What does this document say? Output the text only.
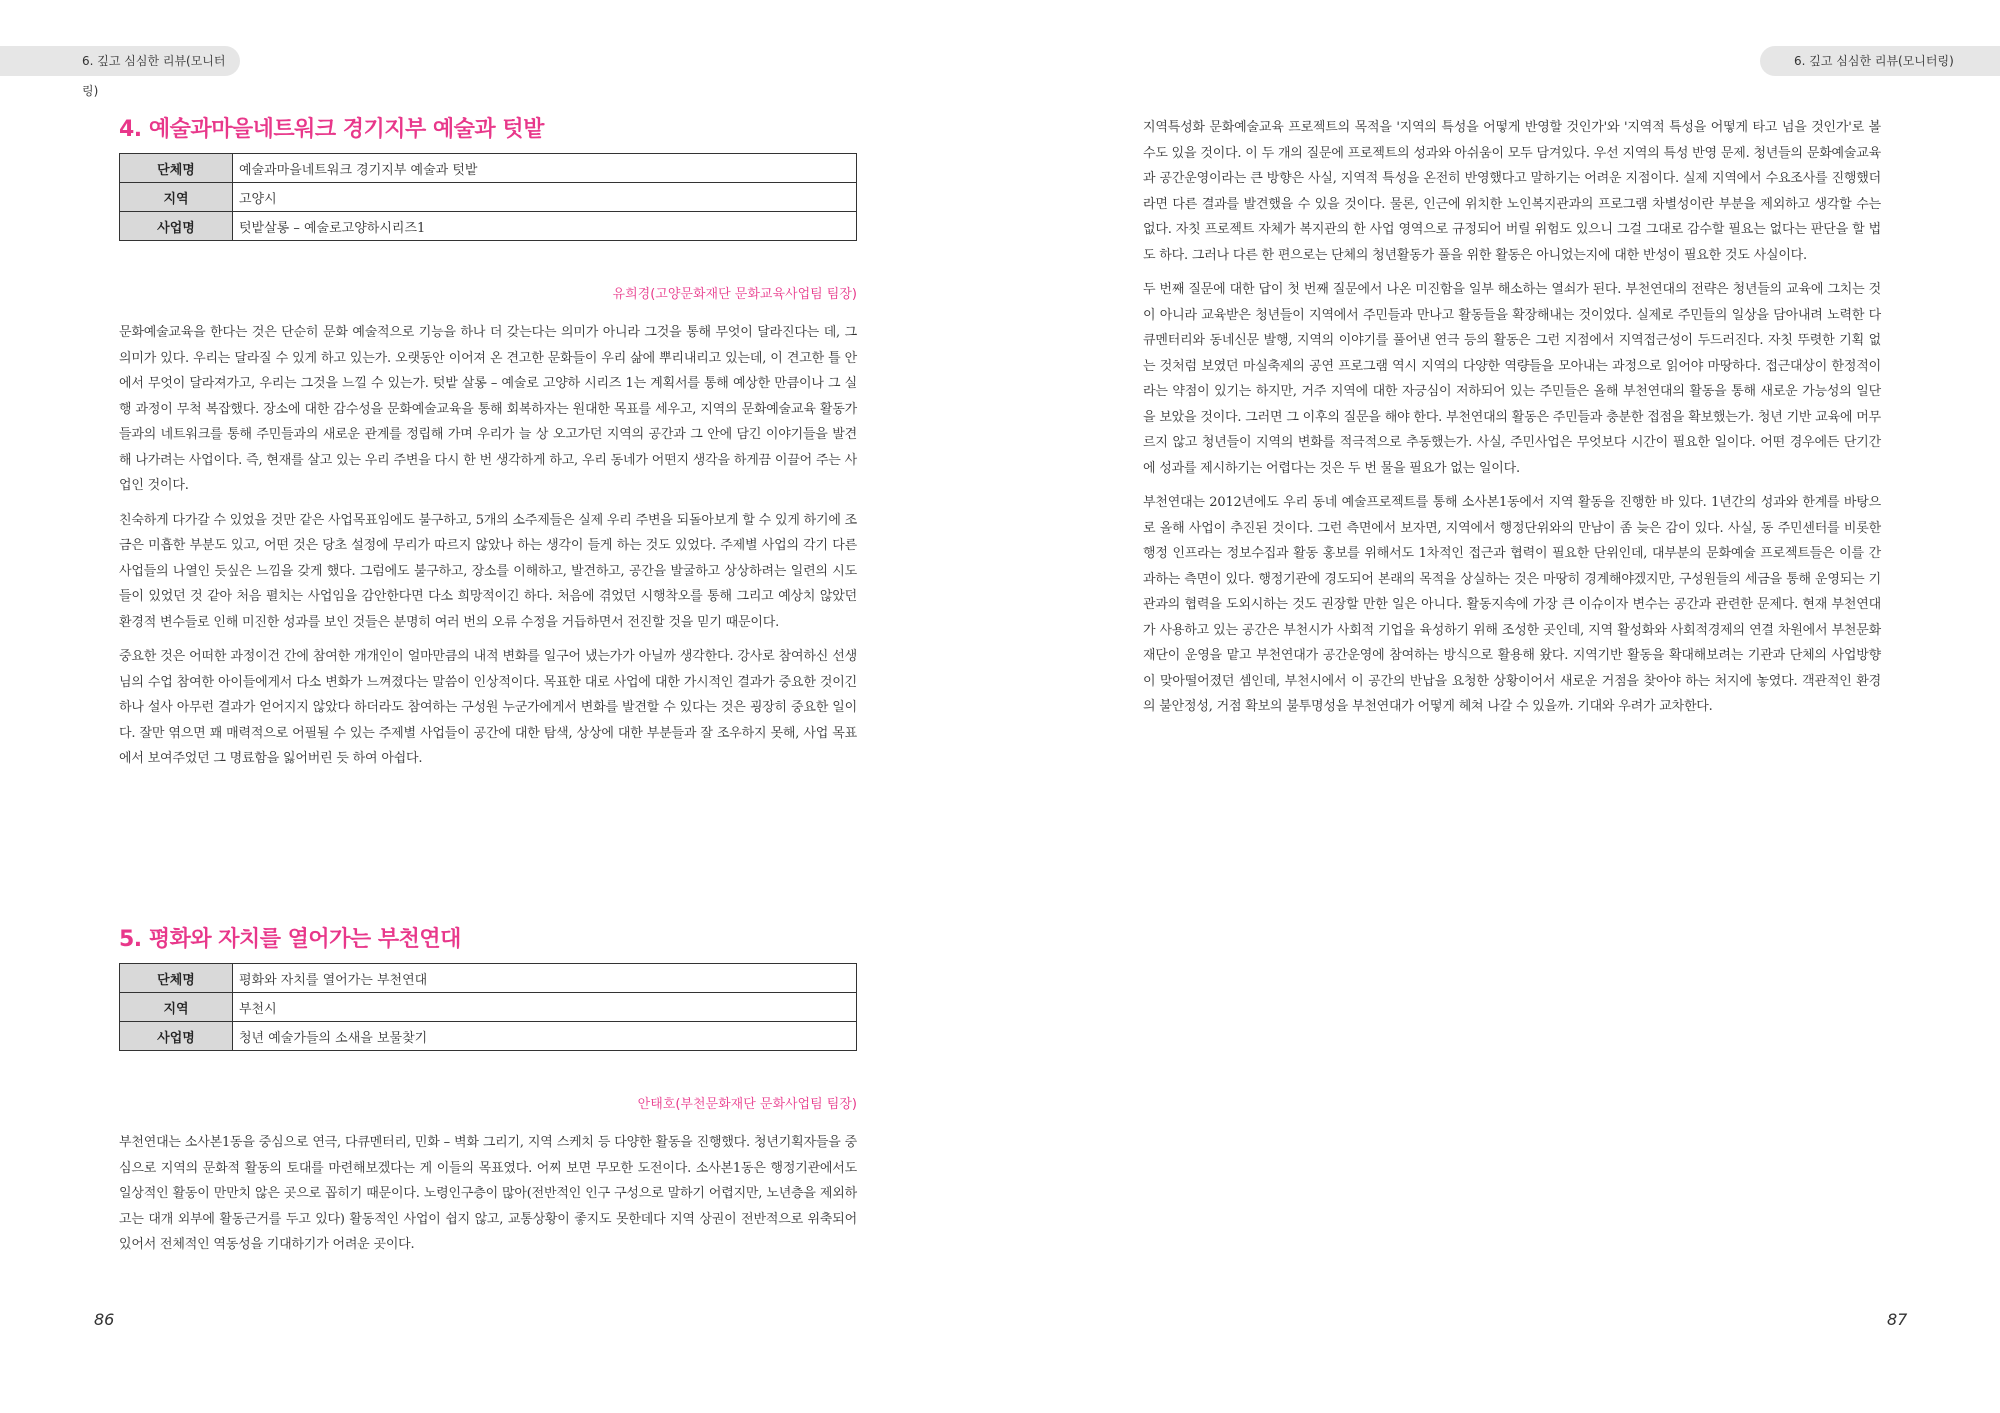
6. 깊고 심심한 리뷰(모니터링)
6. 깊고 심심한 리뷰(모니터링)
4. 예술과마을네트워크 경기지부 예술과 텃밭
단체명	예술과마을네트워크 경기지부 예술과 텃밭
지역	고양시
사업명	텃밭살롱 – 예술로고양하시리즈1
유희경(고양문화재단 문화교육사업팀 팀장)

문화예술교육을 한다는 것은 단순히 문화 예술적으로 기능을 하나 더 갖는다는 의미가 아니라 그것을 통해 무엇이 달라진다는 데, 그 의미가 있다. 우리는 달라질 수 있게 하고 있는가. 오랫동안 이어져 온 견고한 문화들이 우리 삶에 뿌리내리고 있는데, 이 견고한 틀 안에서 무엇이 달라져가고, 우리는 그것을 느낄 수 있는가. 텃밭 살롱 – 예술로 고양하 시리즈 1는 계획서를 통해 예상한 만큼이나 그 실행 과정이 무척 복잡했다. 장소에 대한 감수성을 문화예술교육을 통해 회복하자는 원대한 목표를 세우고, 지역의 문화예술교육 활동가들과의 네트워크를 통해 주민들과의 새로운 관계를 정립해 가며 우리가 늘 상 오고가던 지역의 공간과 그 안에 담긴 이야기들을 발견해 나가려는 사업이다. 즉, 현재를 살고 있는 우리 주변을 다시 한 번 생각하게 하고, 우리 동네가 어떤지 생각을 하게끔 이끌어 주는 사업인 것이다.

친숙하게 다가갈 수 있었을 것만 같은 사업목표임에도 불구하고, 5개의 소주제들은 실제 우리 주변을 되돌아보게 할 수 있게 하기에 조금은 미흡한 부분도 있고, 어떤 것은 당초 설정에 무리가 따르지 않았나 하는 생각이 들게 하는 것도 있었다. 주제별 사업의 각기 다른 사업들의 나열인 듯싶은 느낌을 갖게 했다. 그럼에도 불구하고, 장소를 이해하고, 발견하고, 공간을 발굴하고 상상하려는 일련의 시도들이 있었던 것 같아 처음 펼치는 사업임을 감안한다면 다소 희망적이긴 하다. 처음에 겪었던 시행착오를 통해 그리고 예상치 않았던 환경적 변수들로 인해 미진한 성과를 보인 것들은 분명히 여러 번의 오류 수정을 거듭하면서 전진할 것을 믿기 때문이다.

중요한 것은 어떠한 과정이건 간에 참여한 개개인이 얼마만큼의 내적 변화를 일구어 냈는가가 아닐까 생각한다. 강사로 참여하신 선생님의 수업 참여한 아이들에게서 다소 변화가 느껴졌다는 말씀이 인상적이다. 목표한 대로 사업에 대한 가시적인 결과가 중요한 것이긴 하나 설사 아무런 결과가 얻어지지 않았다 하더라도 참여하는 구성원 누군가에게서 변화를 발견할 수 있다는 것은 굉장히 중요한 일이다. 잘만 엮으면 꽤 매력적으로 어필될 수 있는 주제별 사업들이 공간에 대한 탐색, 상상에 대한 부분들과 잘 조우하지 못해, 사업 목표에서 보여주었던 그 명료함을 잃어버린 듯 하여 아쉽다.

5. 평화와 자치를 열어가는 부천연대
단체명	평화와 자치를 열어가는 부천연대
지역	부천시
사업명	청년 예술가들의 소새을 보물찾기
안태호(부천문화재단 문화사업팀 팀장)

부천연대는 소사본1동을 중심으로 연극, 다큐멘터리, 민화 – 벽화 그리기, 지역 스케치 등 다양한 활동을 진행했다. 청년기획자들을 중심으로 지역의 문화적 활동의 토대를 마련해보겠다는 게 이들의 목표였다. 어찌 보면 무모한 도전이다. 소사본1동은 행정기관에서도 일상적인 활동이 만만치 않은 곳으로 꼽히기 때문이다. 노령인구층이 많아(전반적인 인구 구성으로 말하기 어렵지만, 노년층을 제외하고는 대개 외부에 활동근거를 두고 있다) 활동적인 사업이 쉽지 않고, 교통상황이 좋지도 못한데다 지역 상권이 전반적으로 위축되어 있어서 전체적인 역동성을 기대하기가 어려운 곳이다.

지역특성화 문화예술교육 프로젝트의 목적을 '지역의 특성을 어떻게 반영할 것인가'와 '지역적 특성을 어떻게 타고 넘을 것인가'로 볼 수도 있을 것이다. 이 두 개의 질문에 프로젝트의 성과와 아쉬움이 모두 담겨있다. 우선 지역의 특성 반영 문제. 청년들의 문화예술교육과 공간운영이라는 큰 방향은 사실, 지역적 특성을 온전히 반영했다고 말하기는 어려운 지점이다. 실제 지역에서 수요조사를 진행했더라면 다른 결과를 발견했을 수 있을 것이다. 물론, 인근에 위치한 노인복지관과의 프로그램 차별성이란 부분을 제외하고 생각할 수는 없다. 자칫 프로젝트 자체가 복지관의 한 사업 영역으로 규정되어 버릴 위험도 있으니 그걸 그대로 감수할 필요는 없다는 판단을 할 법도 하다. 그러나 다른 한 편으로는 단체의 청년활동가 풀을 위한 활동은 아니었는지에 대한 반성이 필요한 것도 사실이다.

두 번째 질문에 대한 답이 첫 번째 질문에서 나온 미진함을 일부 해소하는 열쇠가 된다. 부천연대의 전략은 청년들의 교육에 그치는 것이 아니라 교육받은 청년들이 지역에서 주민들과 만나고 활동들을 확장해내는 것이었다. 실제로 주민들의 일상을 담아내려 노력한 다큐멘터리와 동네신문 발행, 지역의 이야기를 풀어낸 연극 등의 활동은 그런 지점에서 지역접근성이 두드러진다. 자칫 뚜렷한 기획 없는 것처럼 보였던 마실축제의 공연 프로그램 역시 지역의 다양한 역량들을 모아내는 과정으로 읽어야 마땅하다. 접근대상이 한정적이라는 약점이 있기는 하지만, 거주 지역에 대한 자긍심이 저하되어 있는 주민들은 올해 부천연대의 활동을 통해 새로운 가능성의 일단을 보았을 것이다. 그러면 그 이후의 질문을 해야 한다. 부천연대의 활동은 주민들과 충분한 접점을 확보했는가. 청년 기반 교육에 머무르지 않고 청년들이 지역의 변화를 적극적으로 추동했는가. 사실, 주민사업은 무엇보다 시간이 필요한 일이다. 어떤 경우에든 단기간에 성과를 제시하기는 어렵다는 것은 두 번 물을 필요가 없는 일이다.

부천연대는 2012년에도 우리 동네 예술프로젝트를 통해 소사본1동에서 지역 활동을 진행한 바 있다. 1년간의 성과와 한계를 바탕으로 올해 사업이 추진된 것이다. 그런 측면에서 보자면, 지역에서 행정단위와의 만남이 좀 늦은 감이 있다. 사실, 동 주민센터를 비롯한 행정 인프라는 정보수집과 활동 홍보를 위해서도 1차적인 접근과 협력이 필요한 단위인데, 대부분의 문화예술 프로젝트들은 이를 간과하는 측면이 있다. 행정기관에 경도되어 본래의 목적을 상실하는 것은 마땅히 경계해야겠지만, 구성원들의 세금을 통해 운영되는 기관과의 협력을 도외시하는 것도 권장할 만한 일은 아니다. 활동지속에 가장 큰 이슈이자 변수는 공간과 관련한 문제다. 현재 부천연대가 사용하고 있는 공간은 부천시가 사회적 기업을 육성하기 위해 조성한 곳인데, 지역 활성화와 사회적경제의 연결 차원에서 부천문화재단이 운영을 맡고 부천연대가 공간운영에 참여하는 방식으로 활용해 왔다. 지역기반 활동을 확대해보려는 기관과 단체의 사업방향이 맞아떨어졌던 셈인데, 부천시에서 이 공간의 반납을 요청한 상황이어서 새로운 거점을 찾아야 하는 처지에 놓였다. 객관적인 환경의 불안정성, 거점 확보의 불투명성을 부천연대가 어떻게 헤쳐 나갈 수 있을까. 기대와 우려가 교차한다.

86	87
